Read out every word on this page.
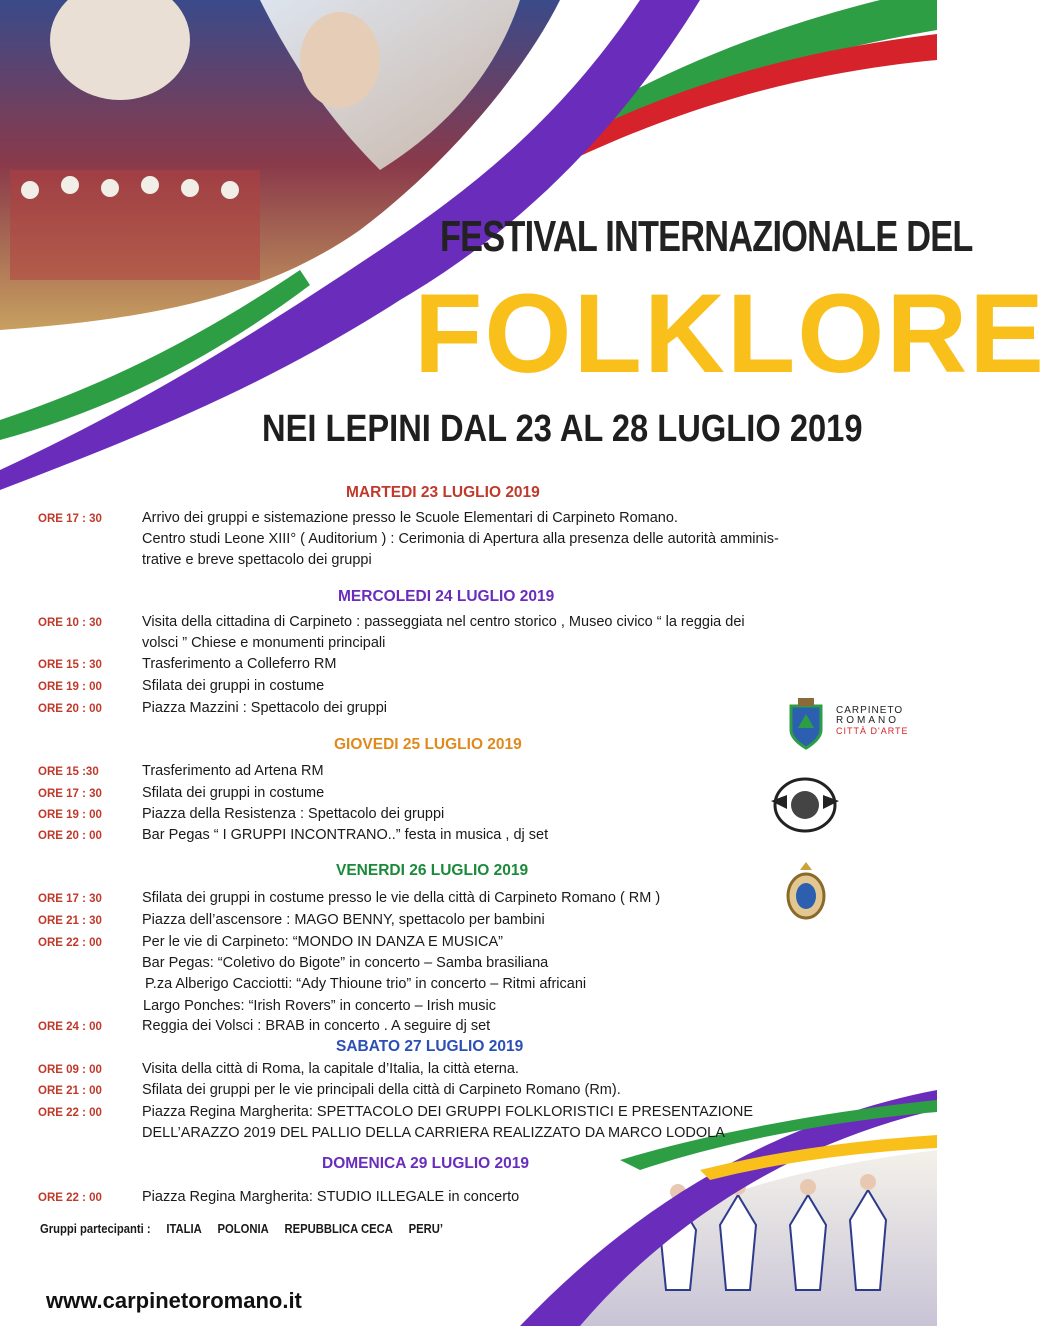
FESTIVAL INTERNAZIONALE DEL
FOLKLORE
NEI LEPINI DAL 23 AL 28 LUGLIO 2019
MARTEDI 23 LUGLIO 2019
ORE 17 : 30	Arrivo dei gruppi e sistemazione presso le Scuole Elementari di Carpineto Romano.
Centro studi Leone XIII° ( Auditorium ) : Cerimonia di Apertura alla presenza delle autorità amminis-
trative e breve spettacolo dei gruppi
MERCOLEDI 24 LUGLIO 2019
ORE 10 : 30	Visita della cittadina di Carpineto : passeggiata nel centro storico , Museo civico “ la reggia dei
volsci ” Chiese e monumenti principali
ORE 15 : 30	Trasferimento a Colleferro RM
ORE 19 : 00	Sfilata dei gruppi in costume
ORE 20 : 00	Piazza Mazzini : Spettacolo dei gruppi
GIOVEDI 25 LUGLIO 2019
ORE 15 :30	Trasferimento ad Artena RM
ORE 17 : 30	Sfilata dei gruppi in costume
ORE 19 : 00	Piazza della Resistenza : Spettacolo dei gruppi
ORE 20 : 00	Bar Pegas “ I GRUPPI INCONTRANO..” festa in musica , dj set
VENERDI 26 LUGLIO 2019
ORE 17 : 30	Sfilata dei gruppi in costume presso le vie della città di Carpineto Romano ( RM )
ORE 21 : 30	Piazza dell’ascensore : MAGO BENNY, spettacolo per bambini
ORE 22 : 00	Per le vie di Carpineto: “MONDO IN DANZA E MUSICA”
Bar Pegas: “Coletivo do Bigote” in concerto – Samba brasiliana
P.za Alberigo Cacciotti: “Ady Thioune trio” in concerto – Ritmi africani
Largo Ponches: “Irish Rovers” in concerto – Irish music
ORE 24 : 00	Reggia dei Volsci : BRAB in concerto . A seguire dj set
SABATO 27 LUGLIO 2019
ORE 09 : 00	Visita della città di Roma, la capitale d’Italia, la città eterna.
ORE 21 : 00	Sfilata dei gruppi per le vie principali della città di Carpineto Romano (Rm).
ORE 22 : 00	Piazza Regina Margherita: SPETTACOLO DEI GRUPPI FOLKLORISTICI E PRESENTAZIONE
DELL’ARAZZO 2019 DEL PALLIO DELLA CARRIERA REALIZZATO DA MARCO LODOLA
DOMENICA 29 LUGLIO 2019
ORE 22 : 00	Piazza Regina Margherita: STUDIO ILLEGALE in concerto
CARPINETO
ROMANO
CITTÀ D'ARTE
Gruppi partecipanti : ITALIA POLONIA REPUBBLICA CECA PERU’
www.carpinetoromano.it
